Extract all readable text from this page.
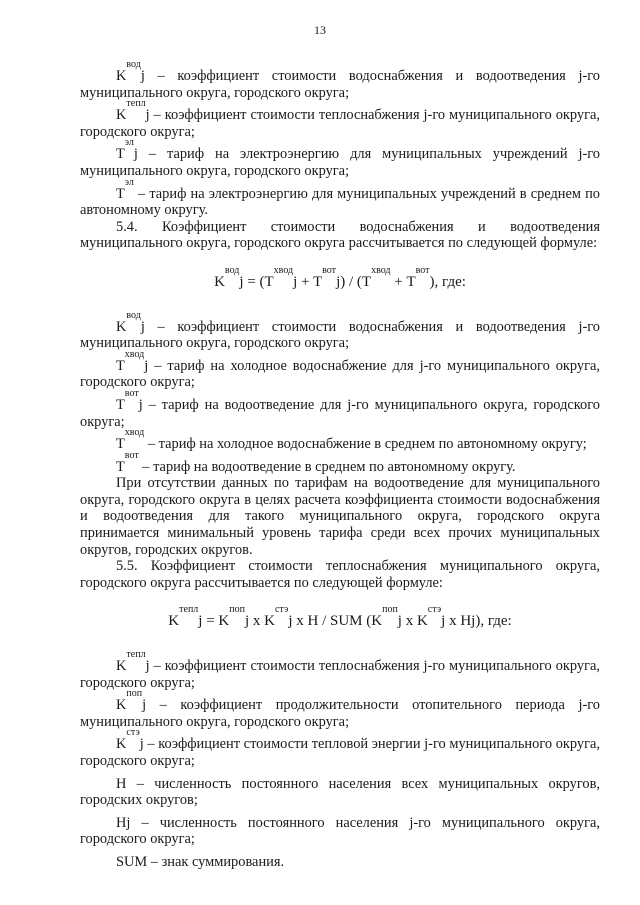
13

$K^{вод}j$ – коэффициент стоимости водоснабжения и водоотведения j-го муниципального округа, городского округа;

$K^{тепл}j$ – коэффициент стоимости теплоснабжения j-го муниципального округа, городского округа;

$T^{эл}j$ – тариф на электроэнергию для муниципальных учреждений j-го муниципального округа, городского округа;

$T^{эл}$ – тариф на электроэнергию для муниципальных учреждений в среднем по автономному округу.

5.4. Коэффициент стоимости водоснабжения и водоотведения муниципального округа, городского округа рассчитывается по следующей формуле:

$K^{вод}j = (T^{хвод}j + T^{вот}j) / (T^{хвод} + T^{вот})$, где:

$K^{вод}j$ – коэффициент стоимости водоснабжения и водоотведения j-го муниципального округа, городского округа;

$T^{хвод}j$ – тариф на холодное водоснабжение для j-го муниципального округа, городского округа;

$T^{вот}j$ – тариф на водоотведение для j-го муниципального округа, городского округа;

$T^{хвод}$ – тариф на холодное водоснабжение в среднем по автономному округу;

$T^{вот}$ – тариф на водоотведение в среднем по автономному округу.

При отсутствии данных по тарифам на водоотведение для муниципального округа, городского округа в целях расчета коэффициента стоимости водоснабжения и водоотведения для такого муниципального округа, городского округа принимается минимальный уровень тарифа среди всех прочих муниципальных округов, городских округов.

5.5. Коэффициент стоимости теплоснабжения муниципального округа, городского округа рассчитывается по следующей формуле:

$K^{тепл}j = K^{поп}j$ x $K^{стэ}j$ x H / SUM ($K^{поп}j$ x $K^{стэ}j$ x Hj), где:

$K^{тепл}j$ – коэффициент стоимости теплоснабжения j-го муниципального округа, городского округа;

$K^{поп}j$ – коэффициент продолжительности отопительного периода j-го муниципального округа, городского округа;

$K^{стэ}j$ – коэффициент стоимости тепловой энергии j-го муниципального округа, городского округа;

H – численность постоянного населения всех муниципальных округов, городских округов;

Hj – численность постоянного населения j-го муниципального округа, городского округа;

SUM – знак суммирования.
